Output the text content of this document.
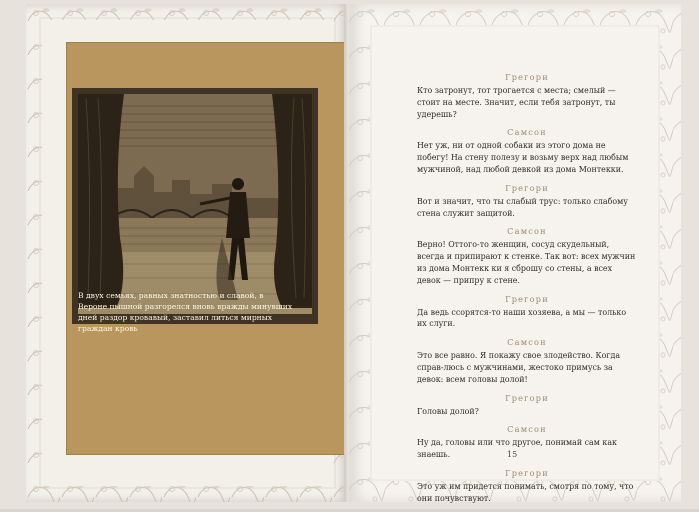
В двух семьях, равных знатностью и славой, в Вероне пышной разгорелся вновь вражды минувших дней раздор кровавый, заставил литься мирных граждан кровь
Грегори
Кто затронут, тот трогается с места; смелый — стоит на месте. Значит, если тебя затронут, ты удерешь?
Самсон
Нет уж, ни от одной собаки из этого дома не побегу! На стену полезу и возьму верх над любым мужчиной, над любой девкой из дома Монтекки.
Грегори
Вот и значит, что ты слабый трус: только слабому стена служит защитой.
Самсон
Верно! Оттого-то женщин, сосуд скудельный, всегда и припирают к стенке. Так вот: всех мужчин из дома Монтекк ки я сброшу со стены, а всех девок — припру к стене.
Грегори
Да ведь ссорятся-то наши хозяева, а мы — только их слуги.
Самсон
Это все равно. Я покажу свое злодейство. Когда справ-люсь с мужчинами, жестоко примусь за девок: всем головы долой!
Грегори
Головы долой?
Самсон
Ну да, головы или что другое, понимай сам как знаешь.
Грегори
Это уж им придется понимать, смотря по тому, что они почувствуют.
15
